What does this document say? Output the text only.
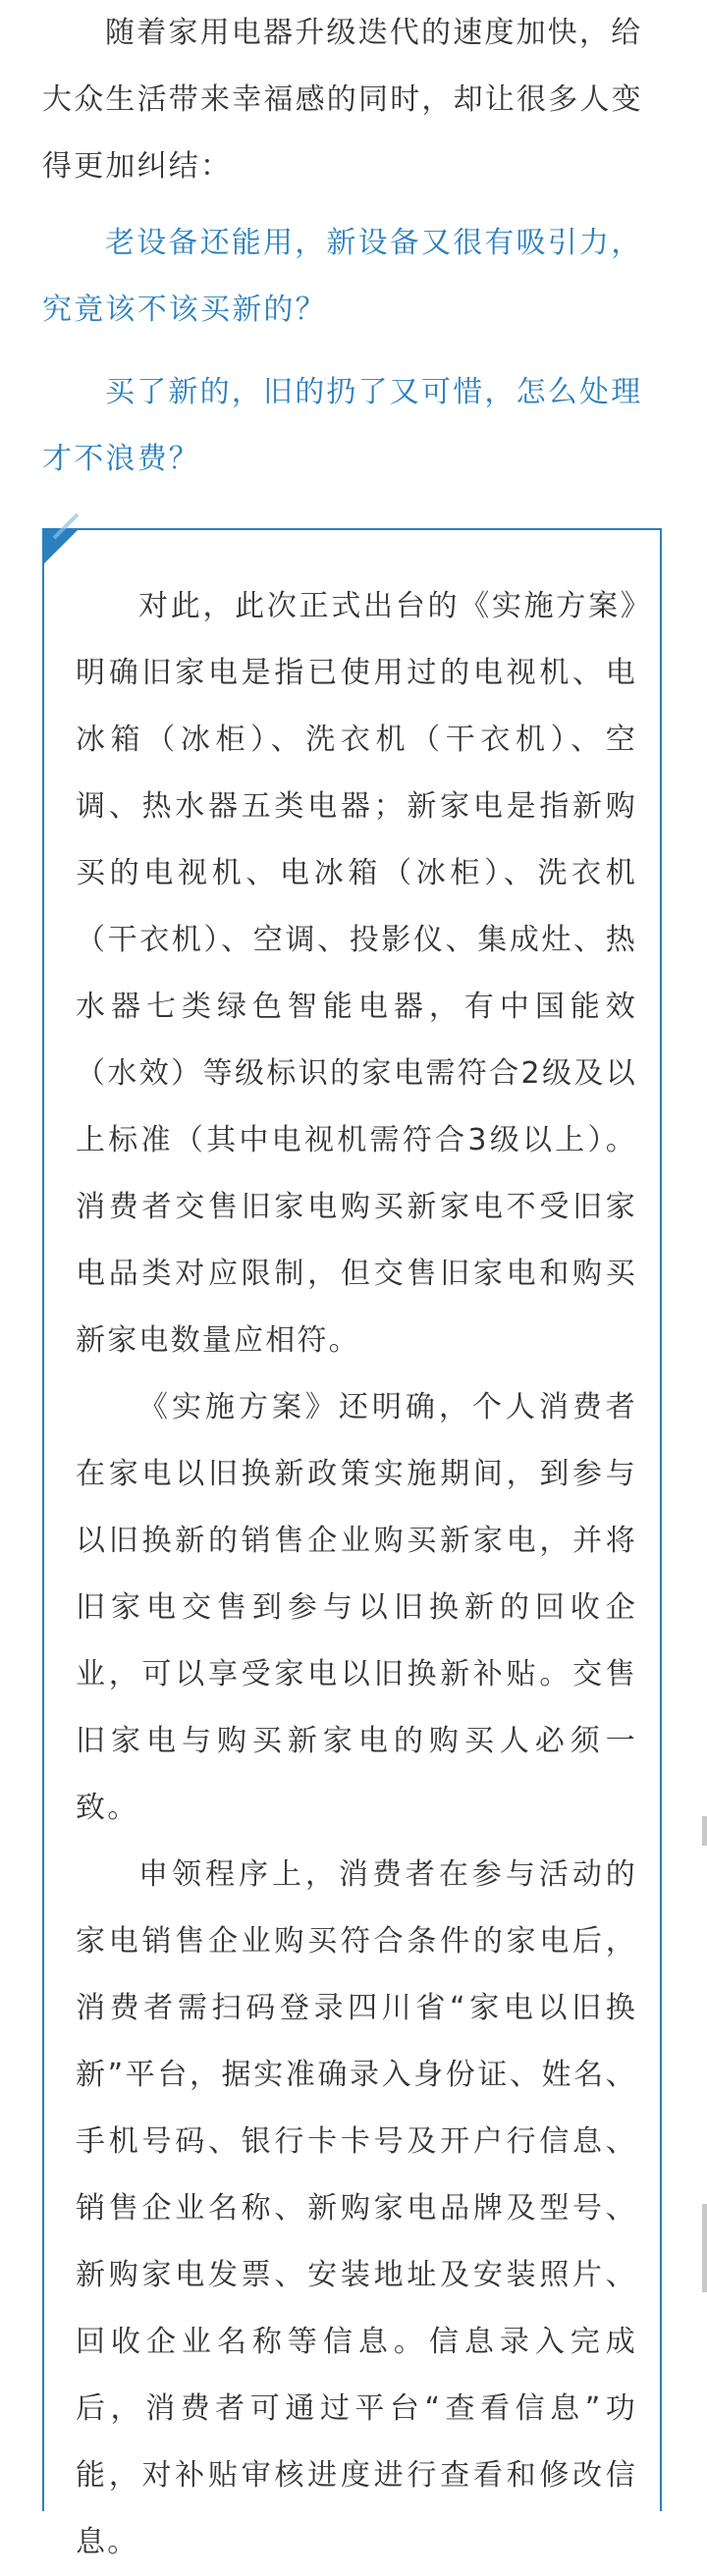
随着家用电器升级迭代的速度加快，给大众生活带来幸福感的同时，却让很多人变得更加纠结：

老设备还能用，新设备又很有吸引力，究竟该不该买新的？

买了新的，旧的扔了又可惜，怎么处理才不浪费？

对此，此次正式出台的《实施方案》明确旧家电是指已使用过的电视机、电冰箱（冰柜）、洗衣机（干衣机）、空调、热水器五类电器；新家电是指新购买的电视机、电冰箱（冰柜）、洗衣机（干衣机）、空调、投影仪、集成灶、热水器七类绿色智能电器，有中国能效（水效）等级标识的家电需符合2级及以上标准（其中电视机需符合3级以上）。消费者交售旧家电购买新家电不受旧家电品类对应限制，但交售旧家电和购买新家电数量应相符。

《实施方案》还明确，个人消费者在家电以旧换新政策实施期间，到参与以旧换新的销售企业购买新家电，并将旧家电交售到参与以旧换新的回收企业，可以享受家电以旧换新补贴。交售旧家电与购买新家电的购买人必须一致。

申领程序上，消费者在参与活动的家电销售企业购买符合条件的家电后，消费者需扫码登录四川省“家电以旧换新”平台，据实准确录入身份证、姓名、手机号码、银行卡卡号及开户行信息、销售企业名称、新购家电品牌及型号、新购家电发票、安装地址及安装照片、回收企业名称等信息。信息录入完成后，消费者可通过平台“查看信息”功能，对补贴审核进度进行查看和修改信息。
